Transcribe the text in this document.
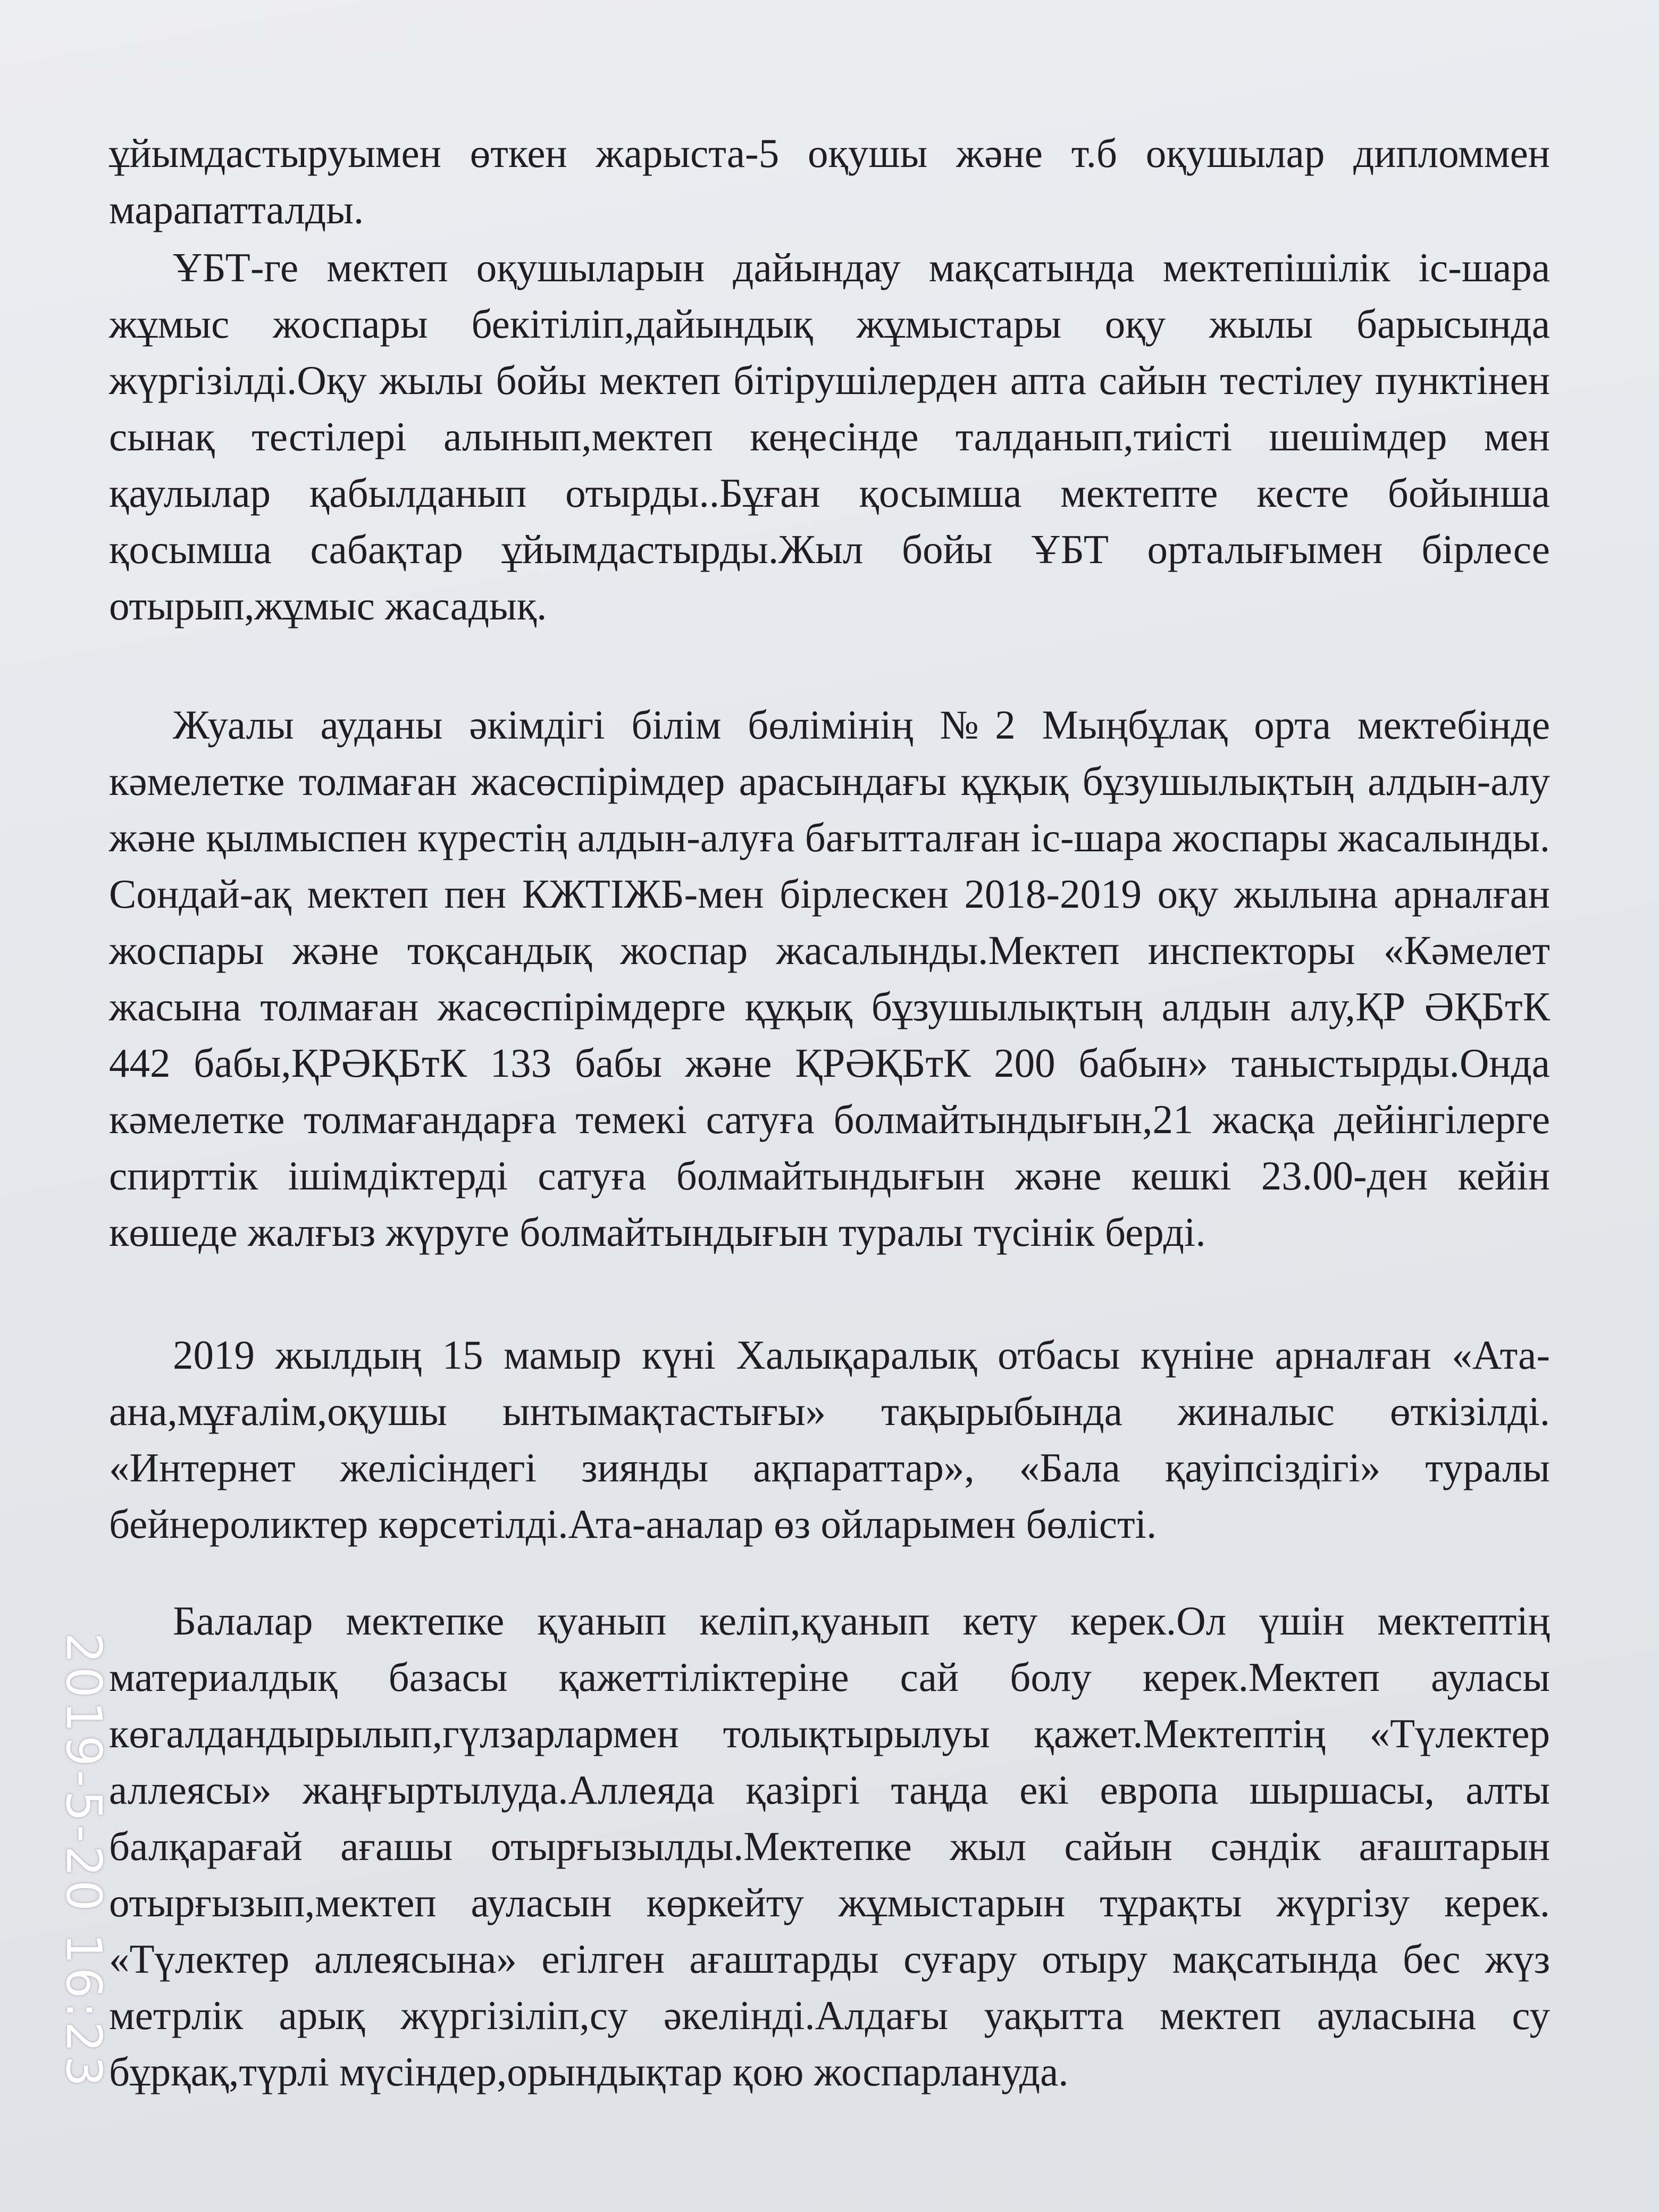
ұйымдастыруымен өткен жарыста-5 оқушы және т.б оқушылар дипломмен марапатталды.

ҰБТ-ге мектеп оқушыларын дайындау мақсатында мектепішілік іс-шара жұмыс жоспары бекітіліп,дайындық жұмыстары оқу жылы барысында жүргізілді.Оқу жылы бойы мектеп бітірушілерден апта сайын тестілеу пунктінен сынақ тестілері алынып,мектеп кеңесінде талданып,тиісті шешімдер мен қаулылар қабылданып отырды..Бұған қосымша мектепте кесте бойынша қосымша сабақтар ұйымдастырды.Жыл бойы ҰБТ орталығымен бірлесе отырып,жұмыс жасадық.

Жуалы ауданы әкімдігі білім бөлімінің №2 Мыңбұлақ орта мектебінде кәмелетке толмаған жасөспірімдер арасындағы құқық бұзушылықтың алдын-алу және қылмыспен күрестің алдын-алуға бағытталған іс-шара жоспары жасалынды. Сондай-ақ мектеп пен КЖТІЖБ-мен бірлескен 2018-2019 оқу жылына арналған жоспары және тоқсандық жоспар жасалынды.Мектеп инспекторы «Кәмелет жасына толмаған жасөспірімдерге құқық бұзушылықтың алдын алу,ҚР ӘҚБтК 442 бабы,ҚРӘҚБтК 133 бабы және ҚРӘҚБтК 200 бабын» таныстырды.Онда кәмелетке толмағандарға темекі сатуға болмайтындығын,21 жасқа дейінгілерге спирттік ішімдіктерді сатуға болмайтындығын және кешкі 23.00-ден кейін көшеде жалғыз жүруге болмайтындығын туралы түсінік берді.

2019 жылдың 15 мамыр күні Халықаралық отбасы күніне арналған «Ата-ана,мұғалім,оқушы ынтымақтастығы» тақырыбында жиналыс өткізілді. «Интернет желісіндегі зиянды ақпараттар», «Бала қауіпсіздігі» туралы бейнероликтер көрсетілді.Ата-аналар өз ойларымен бөлісті.

Балалар мектепке қуанып келіп,қуанып кету керек.Ол үшін мектептің материалдық базасы қажеттіліктеріне сай болу керек.Мектеп ауласы көгалдандырылып,гүлзарлармен толықтырылуы қажет.Мектептің «Түлектер аллеясы» жаңғыртылуда.Аллеяда қазіргі таңда екі европа шыршасы, алты балқарағай ағашы отырғызылды.Мектепке жыл сайын сәндік ағаштарын отырғызып,мектеп ауласын көркейту жұмыстарын тұрақты жүргізу керек. «Түлектер аллеясына» егілген ағаштарды суғару отыру мақсатында бес жүз метрлік арық жүргізіліп,су әкелінді.Алдағы уақытта мектеп ауласына су бұрқақ,түрлі мүсіндер,орындықтар қою жоспарлануда.

2019-5-20 16:23
